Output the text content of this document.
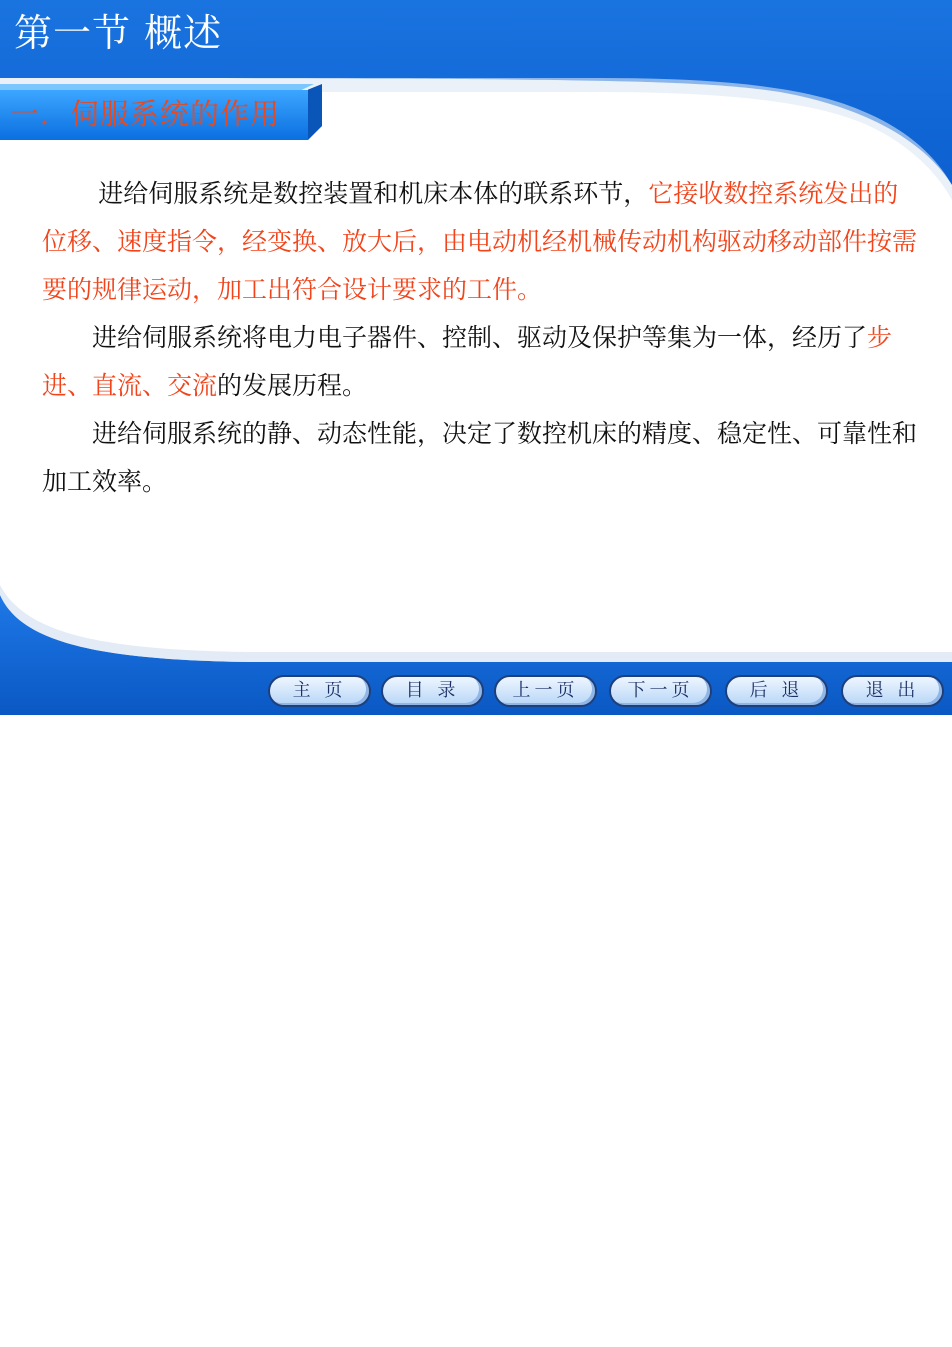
第一节 概述
一．伺服系统的作用

进给伺服系统是数控装置和机床本体的联系环节，它接收数控系统发出的位移、速度指令，经变换、放大后，由电动机经机械传动机构驱动移动部件按需要的规律运动，加工出符合设计要求的工件。

进给伺服系统将电力电子器件、控制、驱动及保护等集为一体，经历了步进、直流、交流的发展历程。

进给伺服系统的静、动态性能，决定了数控机床的精度、稳定性、可靠性和加工效率。

主 页	目 录	上一页	下一页	后 退	退 出
